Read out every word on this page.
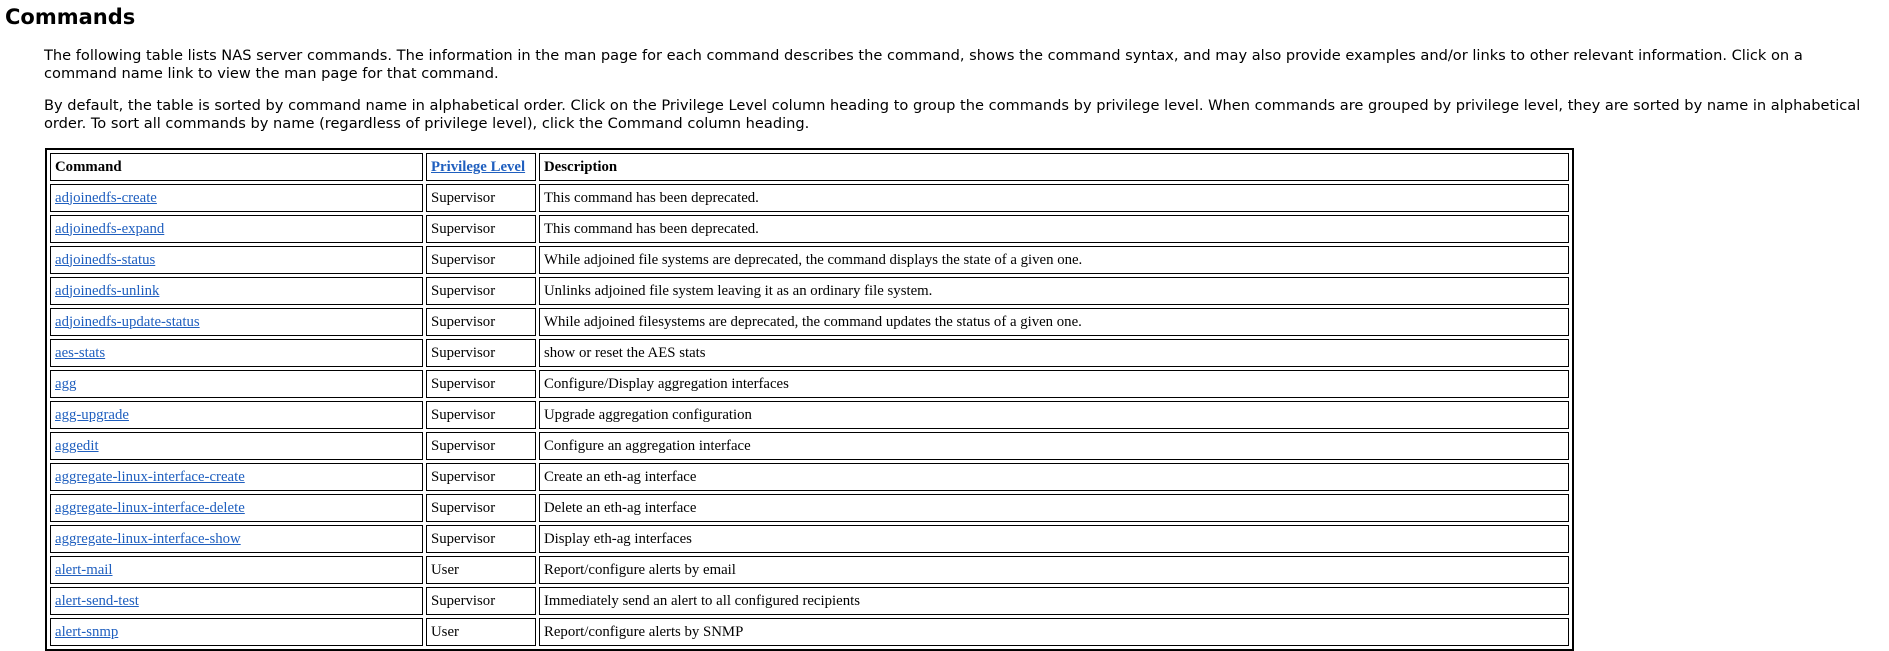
Commands

The following table lists NAS server commands. The information in the man page for each command describes the command, shows the command syntax, and may also provide examples and/or links to other relevant information. Click on a command name link to view the man page for that command.

By default, the table is sorted by command name in alphabetical order. Click on the Privilege Level column heading to group the commands by privilege level. When commands are grouped by privilege level, they are sorted by name in alphabetical order. To sort all commands by name (regardless of privilege level), click the Command column heading.

Command	Privilege Level	Description
adjoinedfs-create	Supervisor	This command has been deprecated.
adjoinedfs-expand	Supervisor	This command has been deprecated.
adjoinedfs-status	Supervisor	While adjoined file systems are deprecated, the command displays the state of a given one.
adjoinedfs-unlink	Supervisor	Unlinks adjoined file system leaving it as an ordinary file system.
adjoinedfs-update-status	Supervisor	While adjoined filesystems are deprecated, the command updates the status of a given one.
aes-stats	Supervisor	show or reset the AES stats
agg	Supervisor	Configure/Display aggregation interfaces
agg-upgrade	Supervisor	Upgrade aggregation configuration
aggedit	Supervisor	Configure an aggregation interface
aggregate-linux-interface-create	Supervisor	Create an eth-ag interface
aggregate-linux-interface-delete	Supervisor	Delete an eth-ag interface
aggregate-linux-interface-show	Supervisor	Display eth-ag interfaces
alert-mail	User	Report/configure alerts by email
alert-send-test	Supervisor	Immediately send an alert to all configured recipients
alert-snmp	User	Report/configure alerts by SNMP
